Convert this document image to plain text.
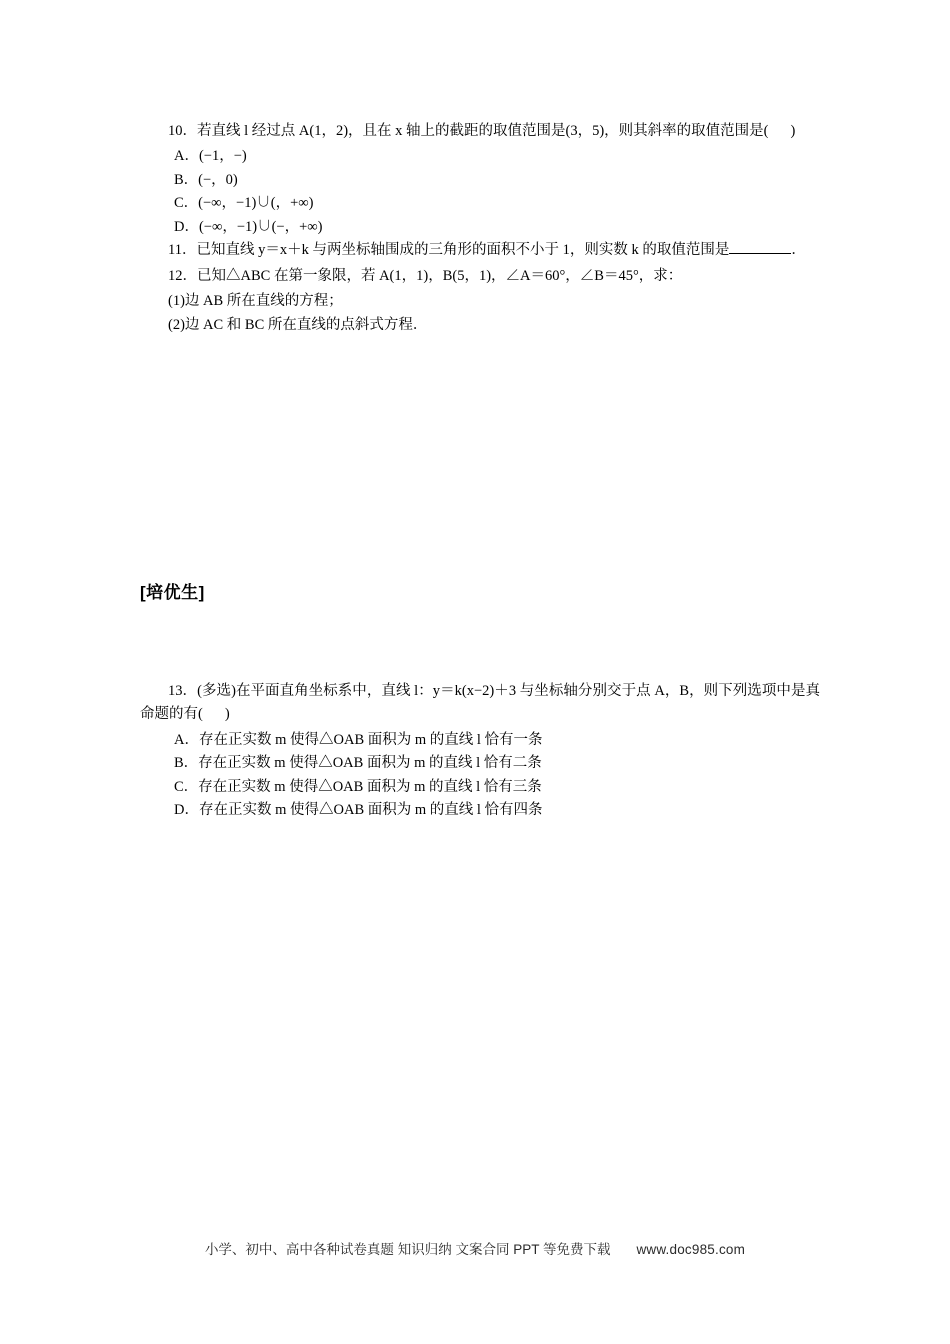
10．若直线 l 经过点 A(1，2)，且在 x 轴上的截距的取值范围是(3，5)，则其斜率的取值范围是( )

A．(−1，−)

B．(−，0)

C．(−∞，−1)∪(，+∞)

D．(−∞，−1)∪(−，+∞)

11．已知直线 y＝x＋k 与两坐标轴围成的三角形的面积不小于 1，则实数 k 的取值范围是	．

12．已知△ABC 在第一象限，若 A(1，1)，B(5，1)，∠A＝60°，∠B＝45°，求：

(1)边 AB 所在直线的方程；

(2)边 AC 和 BC 所在直线的点斜式方程．

[培优生]

13．(多选)在平面直角坐标系中，直线 l：y＝k(x−2)＋3 与坐标轴分别交于点 A，B，则下列选项中是真命题的有( )

A．存在正实数 m 使得△OAB 面积为 m 的直线 l 恰有一条

B．存在正实数 m 使得△OAB 面积为 m 的直线 l 恰有二条

C．存在正实数 m 使得△OAB 面积为 m 的直线 l 恰有三条

D．存在正实数 m 使得△OAB 面积为 m 的直线 l 恰有四条

小学、初中、高中各种试卷真题 知识归纳 文案合同 PPT 等免费下载 www.doc985.com
